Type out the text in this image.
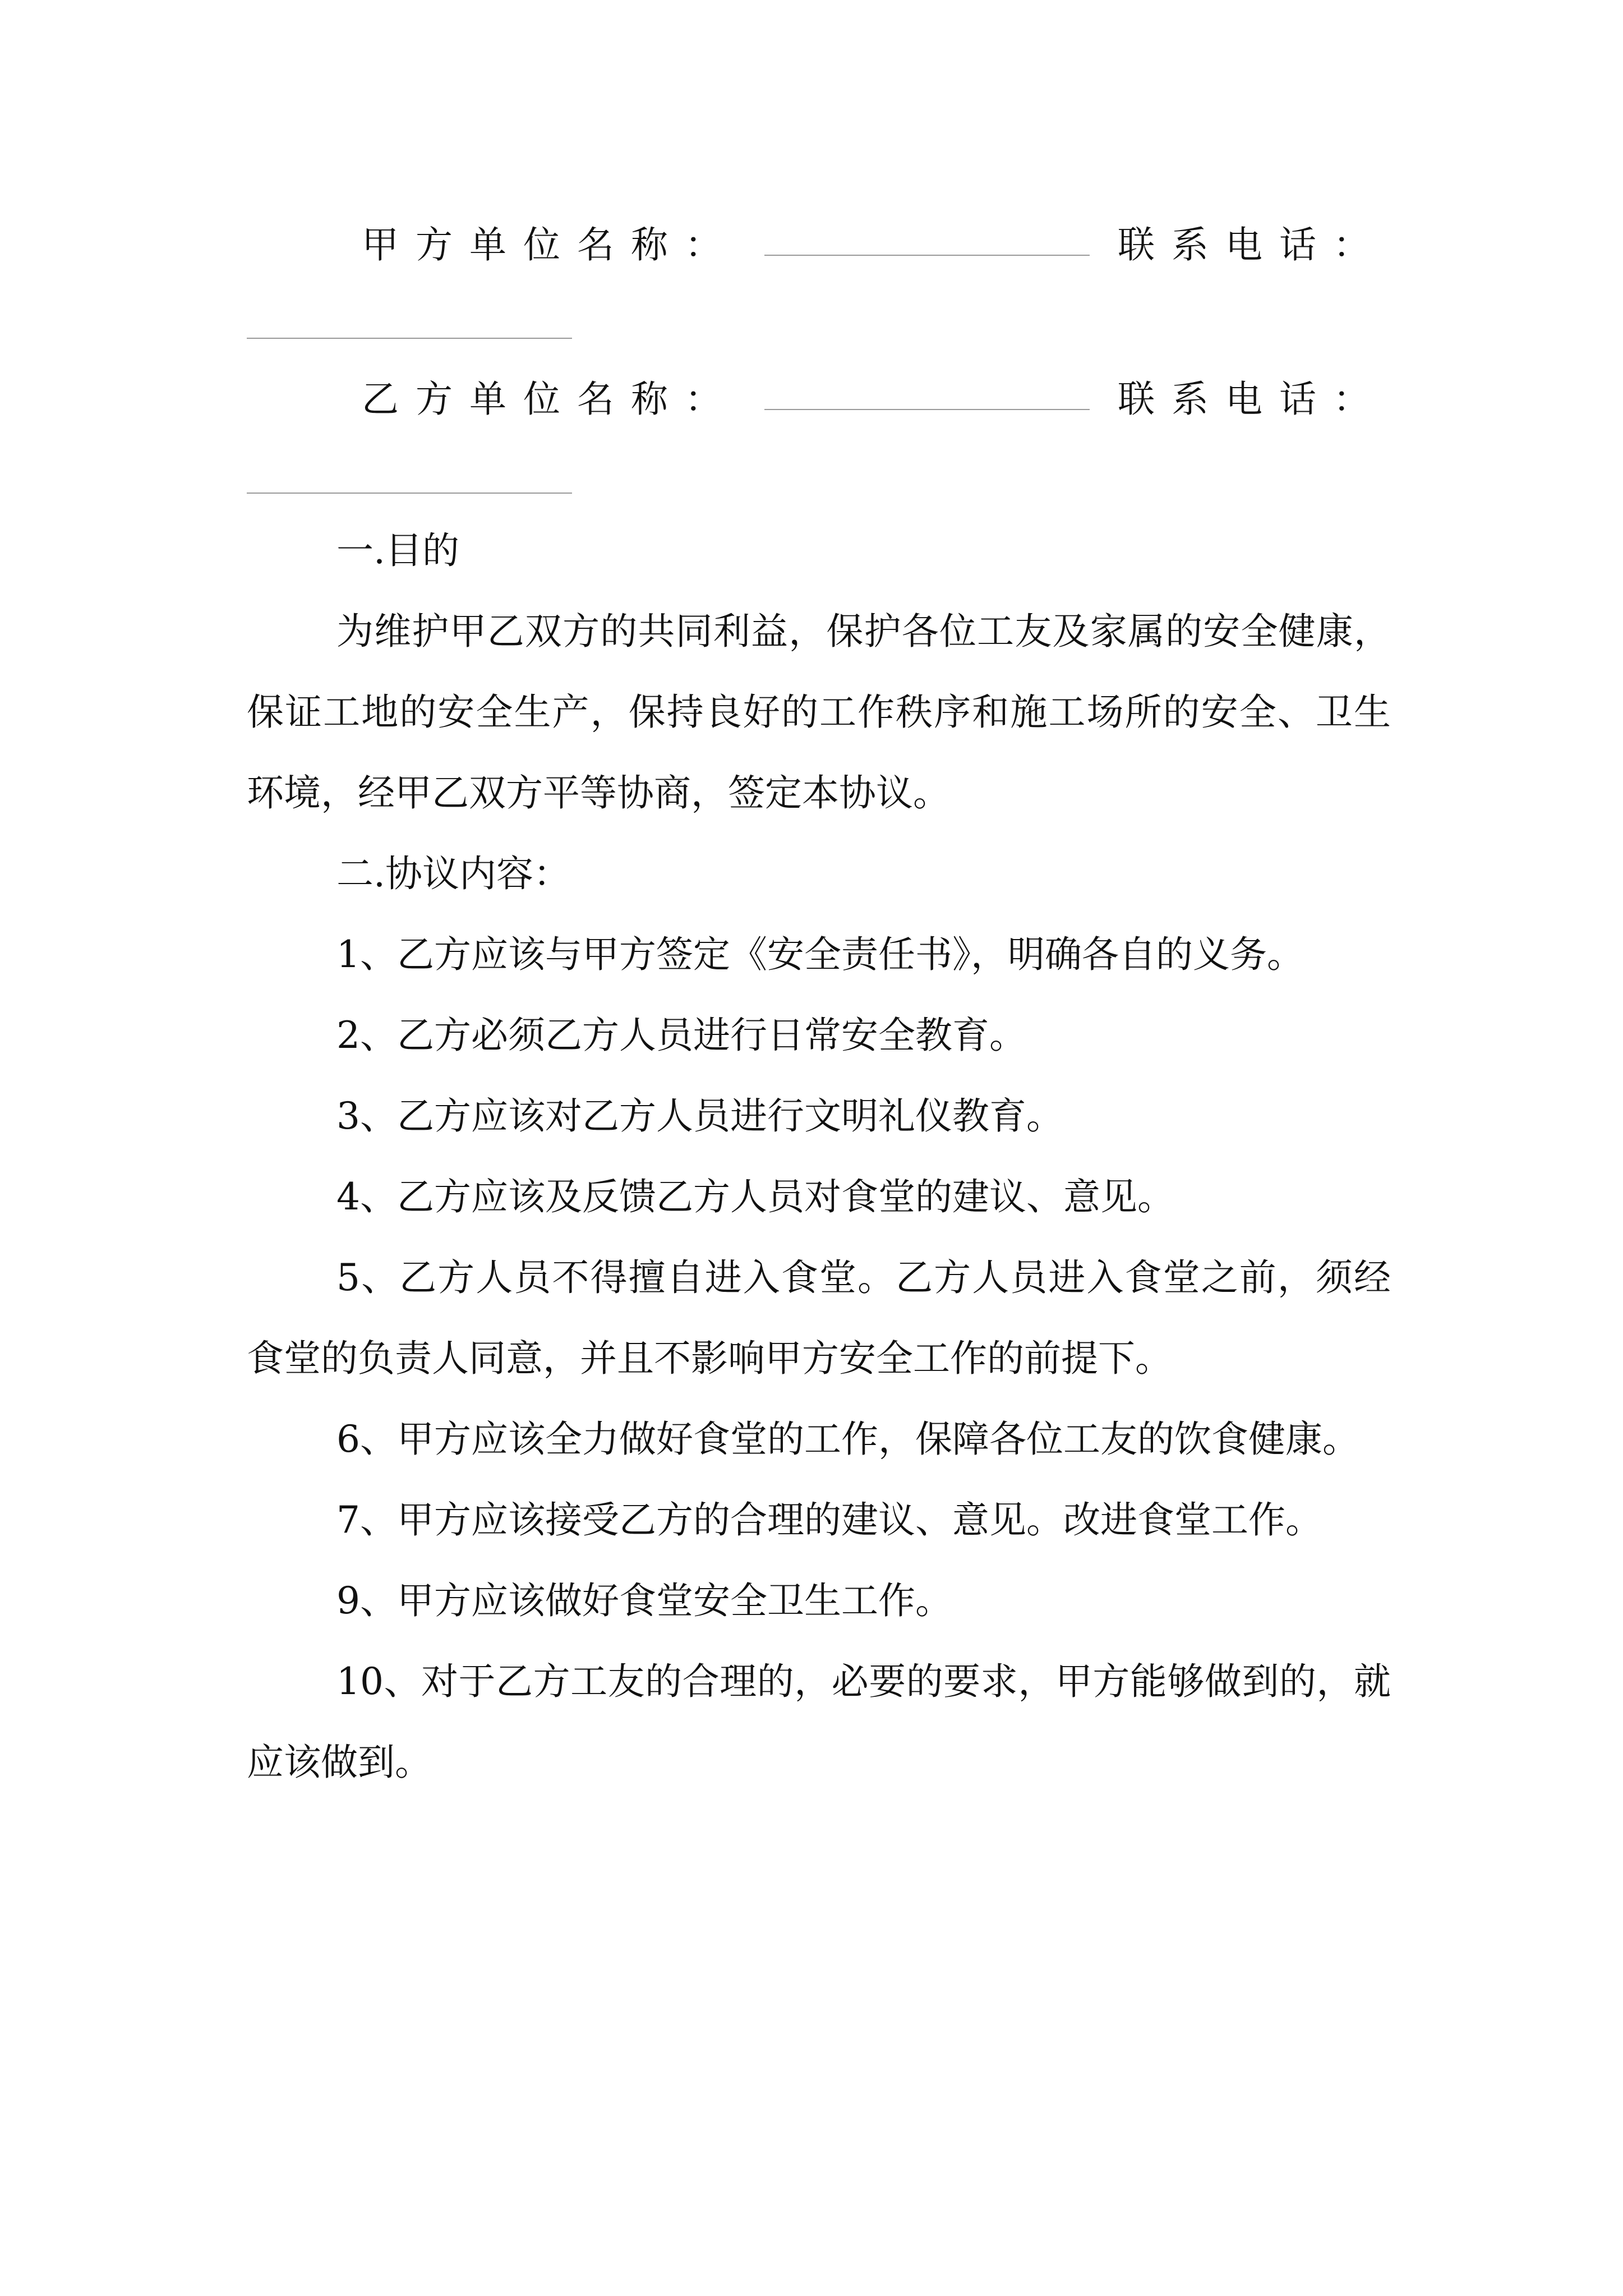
甲方单位名称：	联系电话：
乙方单位名称：	联系电话：

一.目的

为维护甲乙双方的共同利益，保护各位工友及家属的安全健康，保证工地的安全生产，保持良好的工作秩序和施工场所的安全、卫生环境，经甲乙双方平等协商，签定本协议。

二.协议内容：

1、乙方应该与甲方签定《安全责任书》，明确各自的义务。

2、乙方必须乙方人员进行日常安全教育。

3、乙方应该对乙方人员进行文明礼仪教育。

4、乙方应该及反馈乙方人员对食堂的建议、意见。

5、乙方人员不得擅自进入食堂。乙方人员进入食堂之前，须经食堂的负责人同意，并且不影响甲方安全工作的前提下。

6、甲方应该全力做好食堂的工作，保障各位工友的饮食健康。

7、甲方应该接受乙方的合理的建议、意见。改进食堂工作。

9、甲方应该做好食堂安全卫生工作。

10、对于乙方工友的合理的，必要的要求，甲方能够做到的，就应该做到。
